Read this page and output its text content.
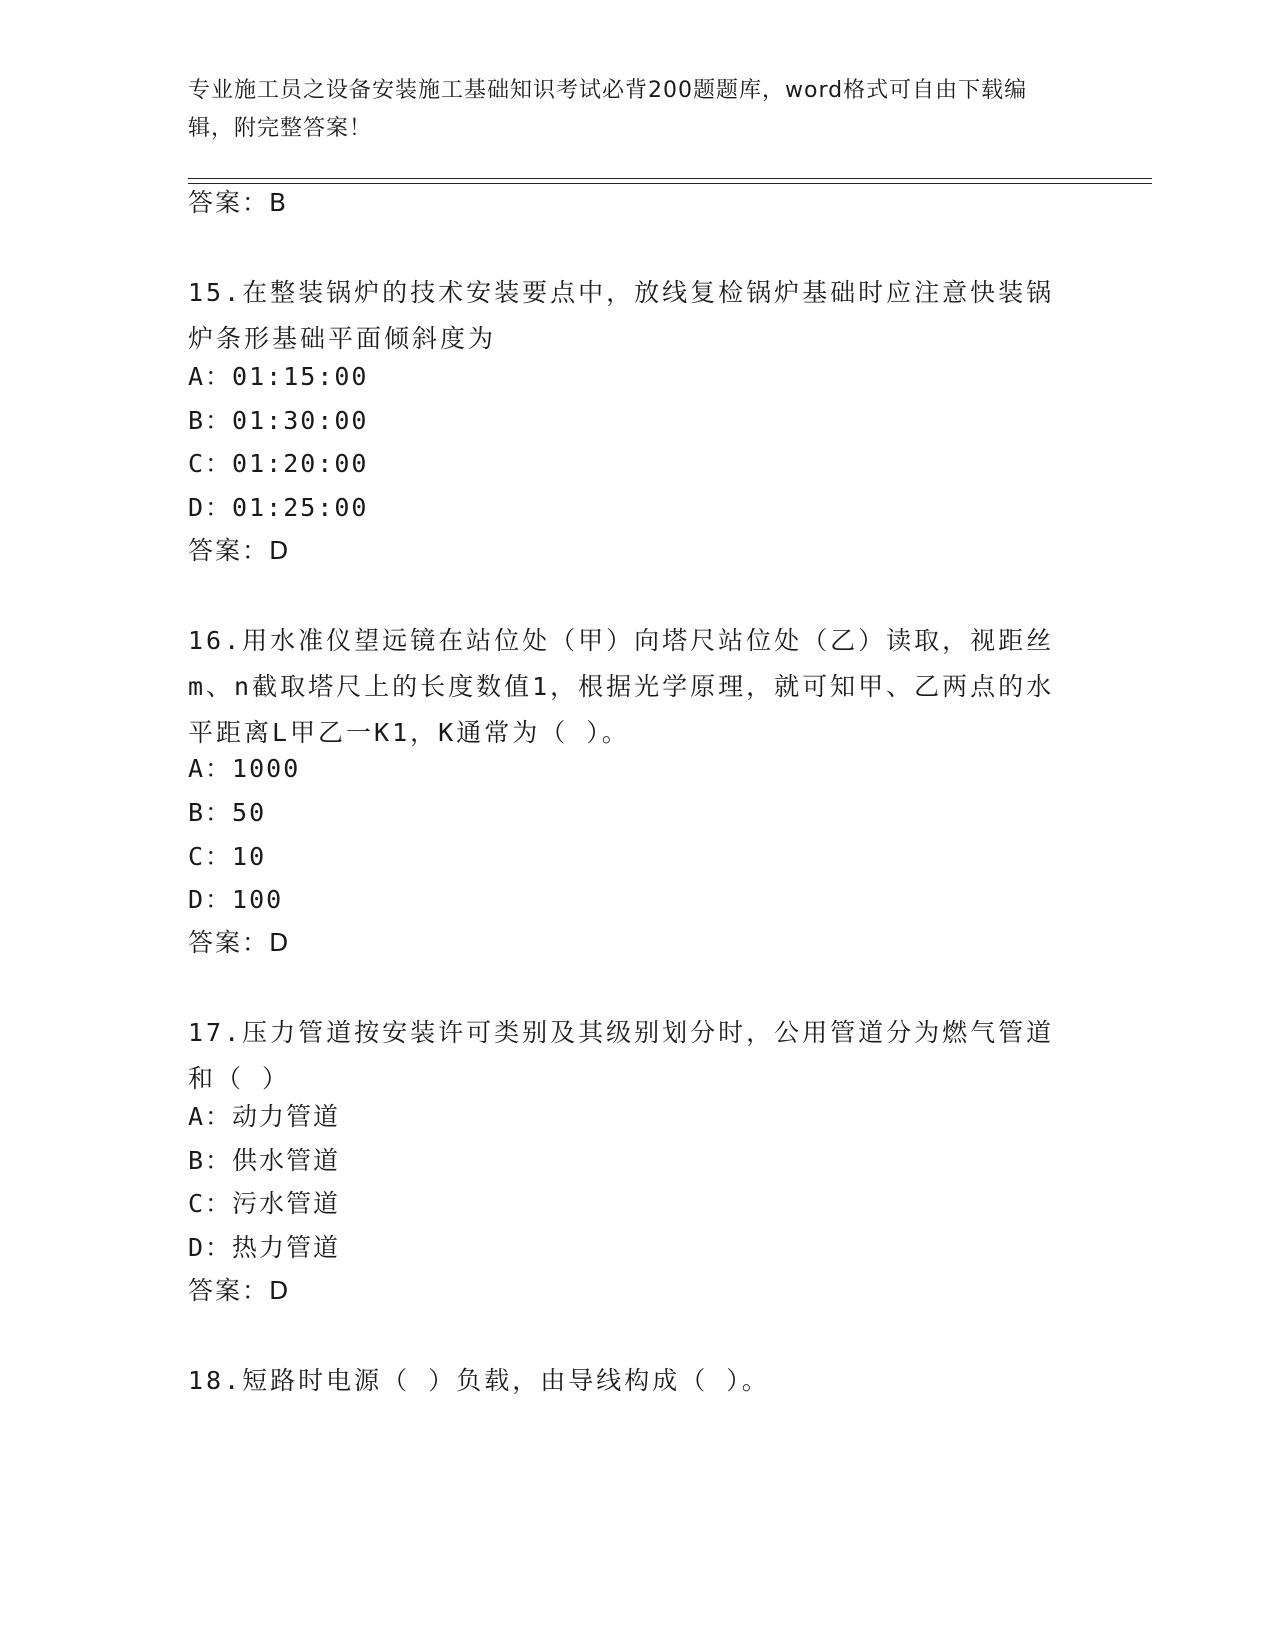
专业施工员之设备安装施工基础知识考试必背200题题库，word格式可自由下载编辑，附完整答案！
答案：B
15.在整装锅炉的技术安装要点中，放线复检锅炉基础时应注意快装锅炉条形基础平面倾斜度为
A：01:15:00
B：01:30:00
C：01:20:00
D：01:25:00
答案：D
16.用水准仪望远镜在站位处（甲）向塔尺站位处（乙）读取，视距丝m、n截取塔尺上的长度数值1，根据光学原理，就可知甲、乙两点的水平距离L甲乙一K1，K通常为（ ）。
A：1000
B：50
C：10
D：100
答案：D
17.压力管道按安装许可类别及其级别划分时，公用管道分为燃气管道和（ ）
A：动力管道
B：供水管道
C：污水管道
D：热力管道
答案：D
18.短路时电源（ ）负载，由导线构成（ ）。
